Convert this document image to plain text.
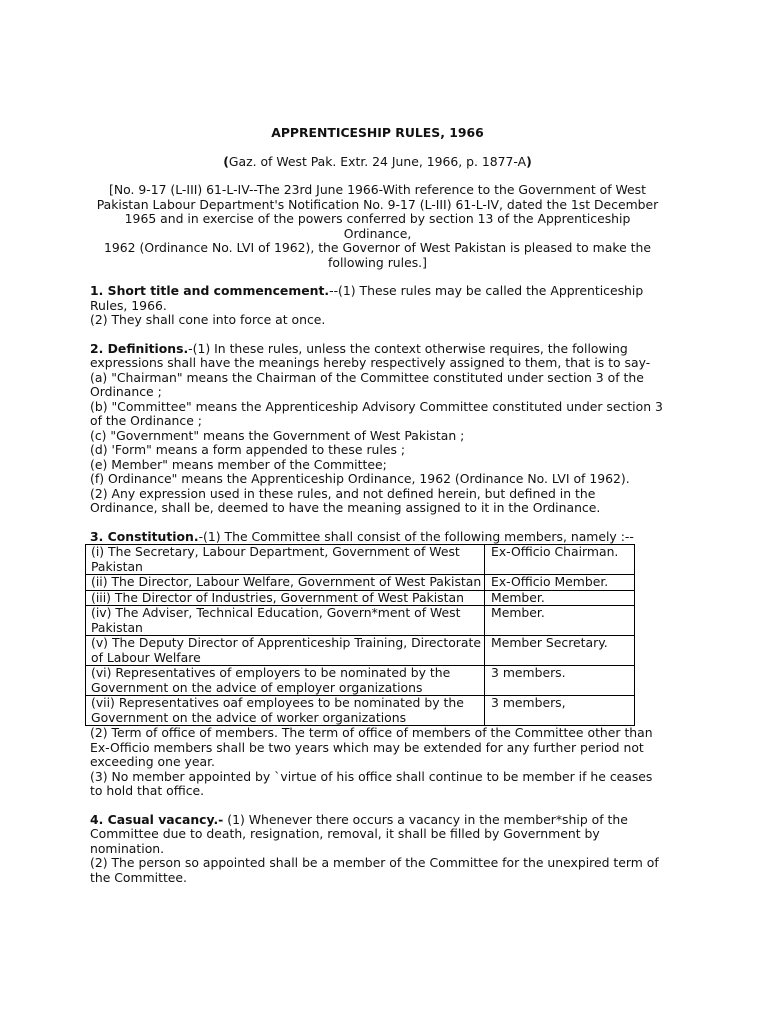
APPRENTICESHIP RULES, 1966
(Gaz. of West Pak. Extr. 24 June, 1966, p. 1877-A)
[No. 9-17 (L-III) 61-L-IV--The 23rd June 1966-With reference to the Government of West
Pakistan Labour Department's Notification No. 9-17 (L-III) 61-L-IV, dated the 1st December
1965 and in exercise of the powers conferred by section 13 of the Apprenticeship Ordinance,
1962 (Ordinance No. LVI of 1962), the Governor of West Pakistan is pleased to make the
following rules.]

1. Short title and commencement.--(1) These rules may be called the Apprenticeship Rules, 1966.

(2) They shall cone into force at once.

2. Definitions.-(1) In these rules, unless the context otherwise requires, the following expressions shall have the meanings hereby respectively assigned to them, that is to say-

(a) "Chairman" means the Chairman of the Committee constituted under section 3 of the Ordinance ;

(b) "Committee" means the Apprenticeship Advisory Committee constituted under section 3 of the Ordinance ;

(c) "Government" means the Government of West Pakistan ;

(d) 'Form" means a form appended to these rules ;

(e) Member" means member of the Committee;

(f) Ordinance" means the Apprenticeship Ordinance, 1962 (Ordinance No. LVI of 1962).

(2) Any expression used in these rules, and not defined herein, but defined in the Ordinance, shall be, deemed to have the meaning assigned to it in the Ordinance.

3. Constitution.-(1) The Committee shall consist of the following members, namely :--

(i) The Secretary, Labour Department, Government of West Pakistan	Ex-Officio Chairman.
(ii) The Director, Labour Welfare, Government of West Pakistan	Ex-Officio Member.
(iii) The Director of Industries, Government of West Pakistan	Member.
(iv) The Adviser, Technical Education, Govern*ment of West Pakistan	Member.
(v) The Deputy Director of Apprenticeship Training, Directorate of Labour Welfare	Member Secretary.
(vi) Representatives of employers to be nominated by the Government on the advice of employer organizations	3 members.
(vii) Representatives oaf employees to be nominated by the Government on the advice of worker organizations	3 members,

(2) Term of office of members. The term of office of members of the Committee other than Ex-Officio members shall be two years which may be extended for any further period not exceeding one year.

(3) No member appointed by `virtue of his office shall continue to be member if he ceases to hold that office.

4. Casual vacancy.- (1) Whenever there occurs a vacancy in the member*ship of the Committee due to death, resignation, removal, it shall be filled by Government by nomination.

(2) The person so appointed shall be a member of the Committee for the unexpired term of the Committee.
